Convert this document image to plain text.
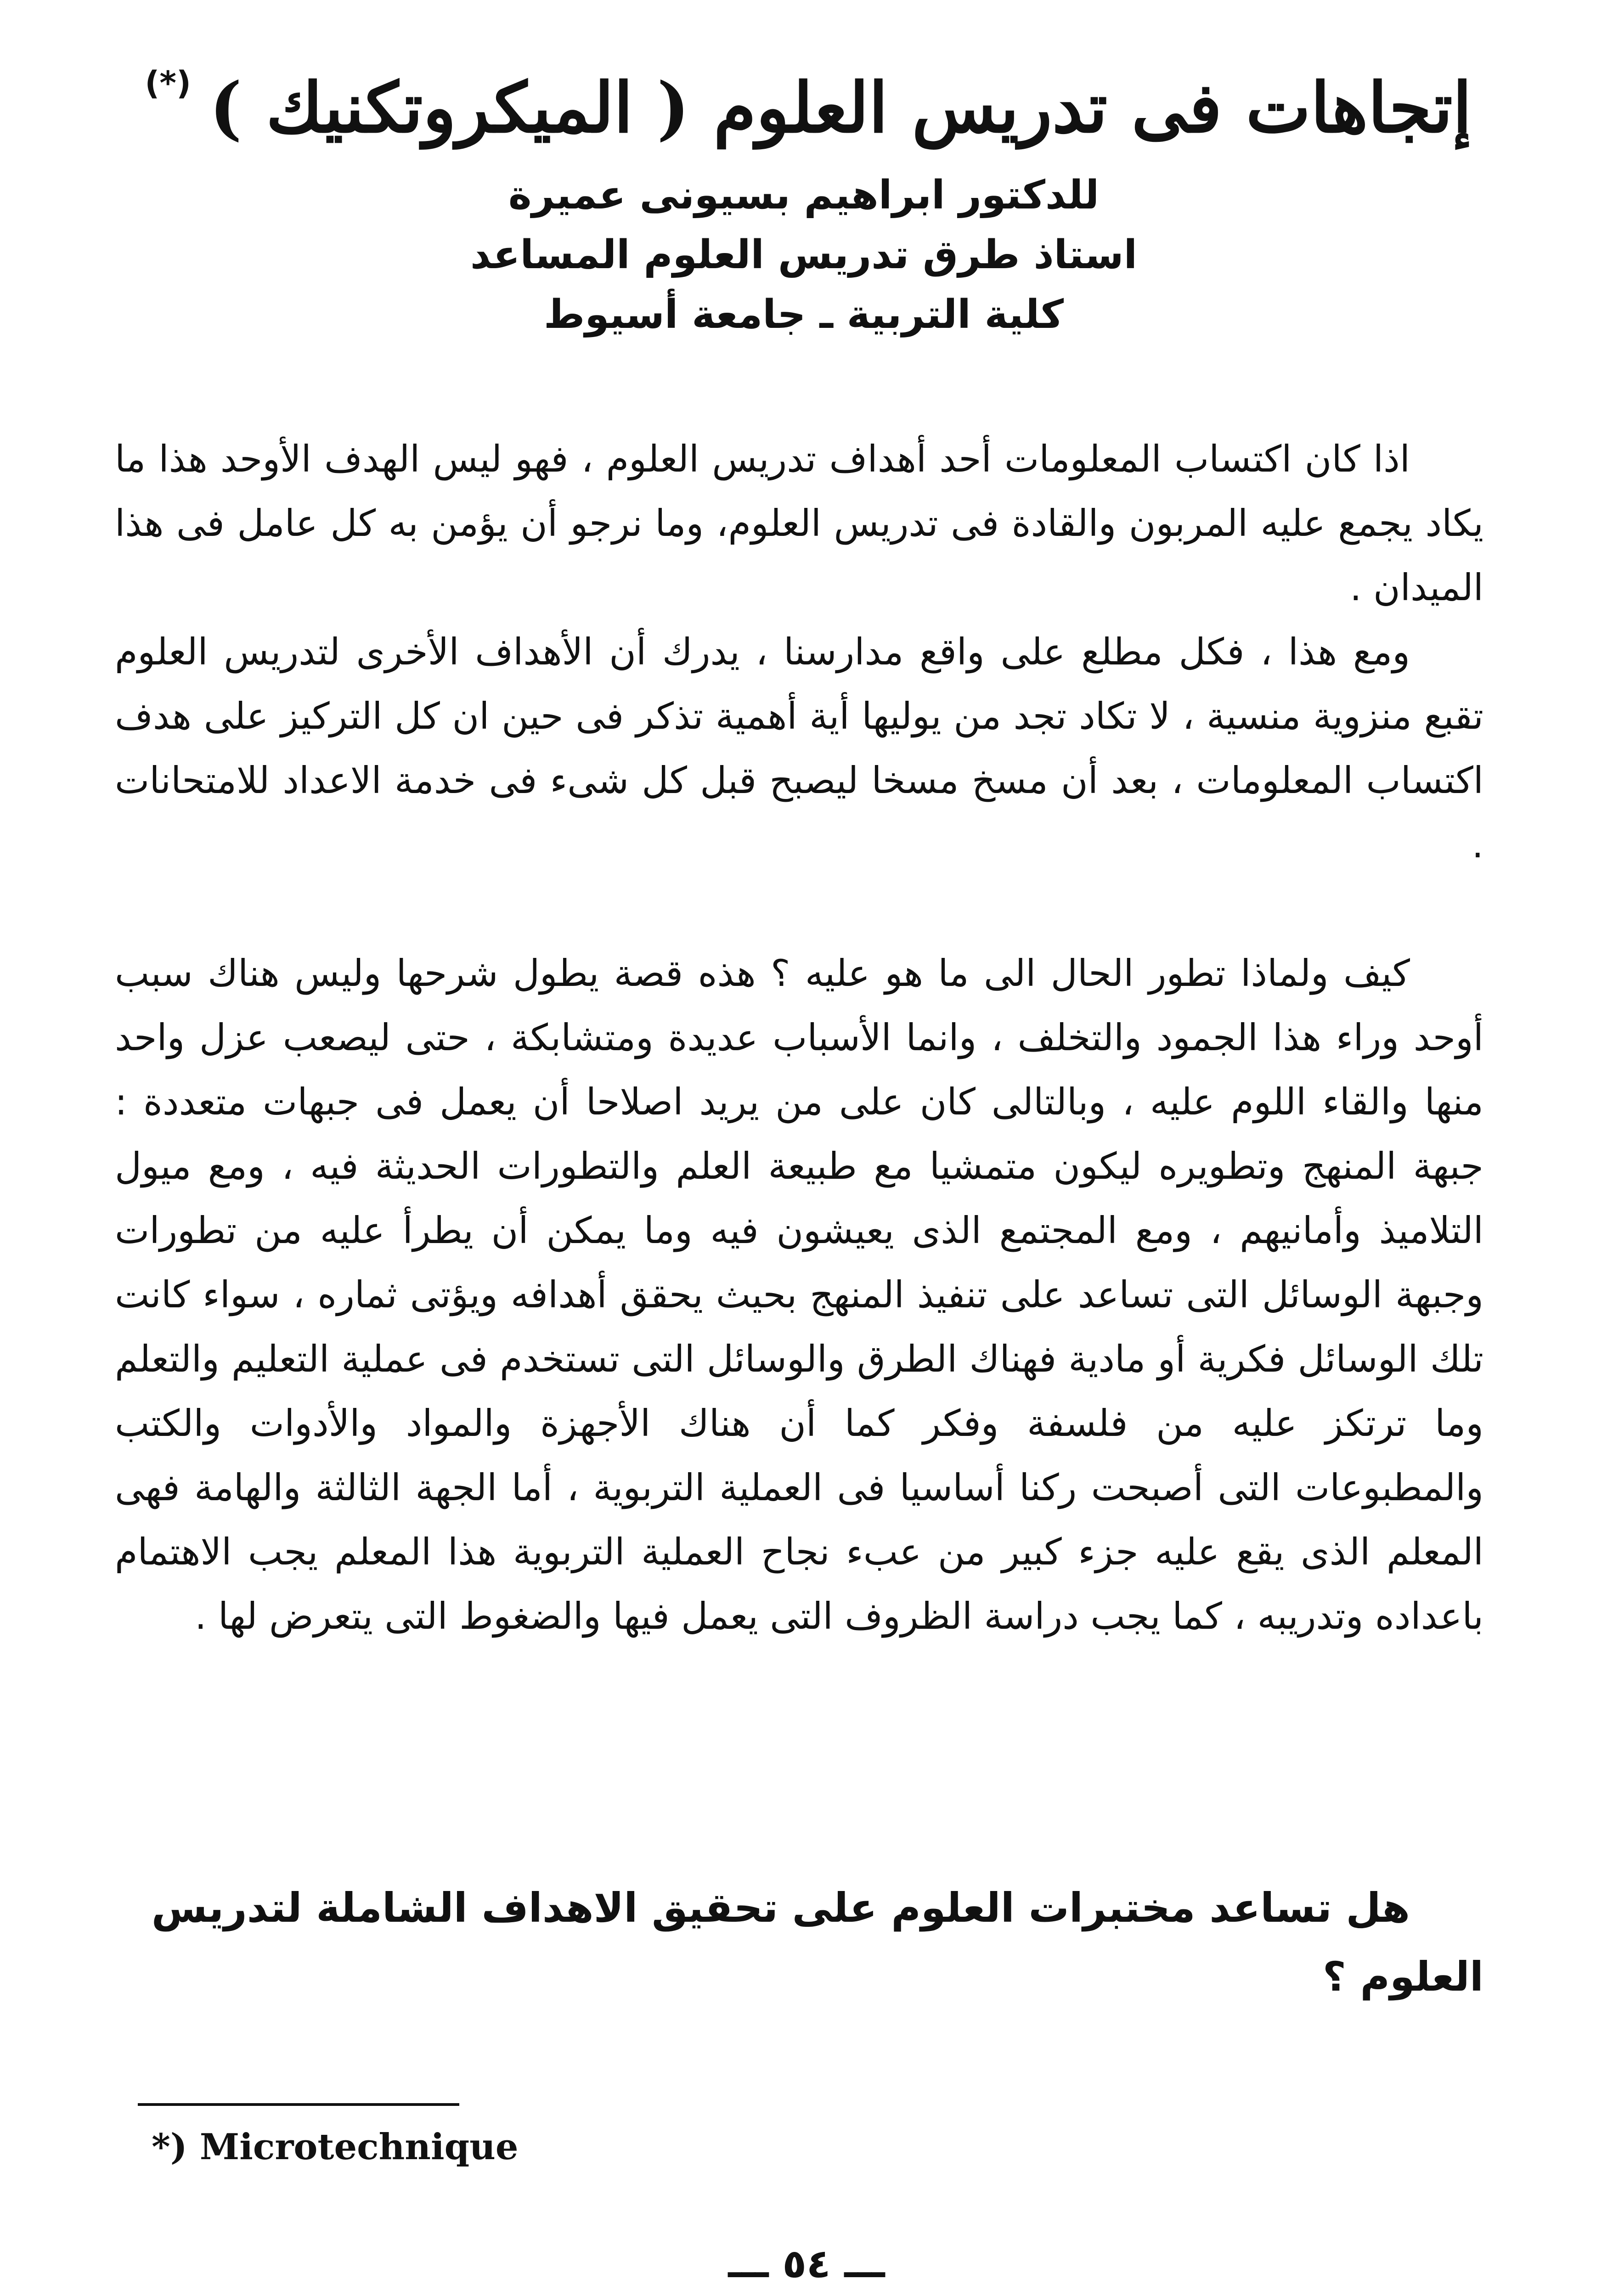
إتجاهات فى تدريس العلوم ( الميكروتكنيك )
(*)
للدكتور ابراهيم بسيونى عميرة
استاذ طرق تدريس العلوم المساعد
كلية التربية ـ جامعة أسيوط

اذا كان اكتساب المعلومات أحد أهداف تدريس العلوم ، فهو ليس الهدف الأوحد هذا ما يكاد يجمع عليه المربون والقادة فى تدريس العلوم، وما نرجو أن يؤمن به كل عامل فى هذا الميدان .

ومع هذا ، فكل مطلع على واقع مدارسنا ، يدرك أن الأهداف الأخرى لتدريس العلوم تقبع منزوية منسية ، لا تكاد تجد من يوليها أية أهمية تذكر فى حين ان كل التركيز على هدف اكتساب المعلومات ، بعد أن مسخ مسخا ليصبح قبل كل شىء فى خدمة الاعداد للامتحانات .

كيف ولماذا تطور الحال الى ما هو عليه ؟ هذه قصة يطول شرحها وليس هناك سبب أوحد وراء هذا الجمود والتخلف ، وانما الأسباب عديدة ومتشابكة ، حتى ليصعب عزل واحد منها والقاء اللوم عليه ، وبالتالى كان على من يريد اصلاحا أن يعمل فى جبهات متعددة : جبهة المنهج وتطويره ليكون متمشيا مع طبيعة العلم والتطورات الحديثة فيه ، ومع ميول التلاميذ وأمانيهم ، ومع المجتمع الذى يعيشون فيه وما يمكن أن يطرأ عليه من تطورات وجبهة الوسائل التى تساعد على تنفيذ المنهج بحيث يحقق أهدافه ويؤتى ثماره ، سواء كانت تلك الوسائل فكرية أو مادية فهناك الطرق والوسائل التى تستخدم فى عملية التعليم والتعلم وما ترتكز عليه من فلسفة وفكر كما أن هناك الأجهزة والمواد والأدوات والكتب والمطبوعات التى أصبحت ركنا أساسيا فى العملية التربوية ، أما الجهة الثالثة والهامة فهى المعلم الذى يقع عليه جزء كبير من عبء نجاح العملية التربوية هذا المعلم يجب الاهتمام باعداده وتدريبه ، كما يجب دراسة الظروف التى يعمل فيها والضغوط التى يتعرض لها .

هل تساعد مختبرات العلوم على تحقيق الاهداف الشاملة لتدريس العلوم ؟
*) Microtechnique
ـــ ٥٤ ـــ
